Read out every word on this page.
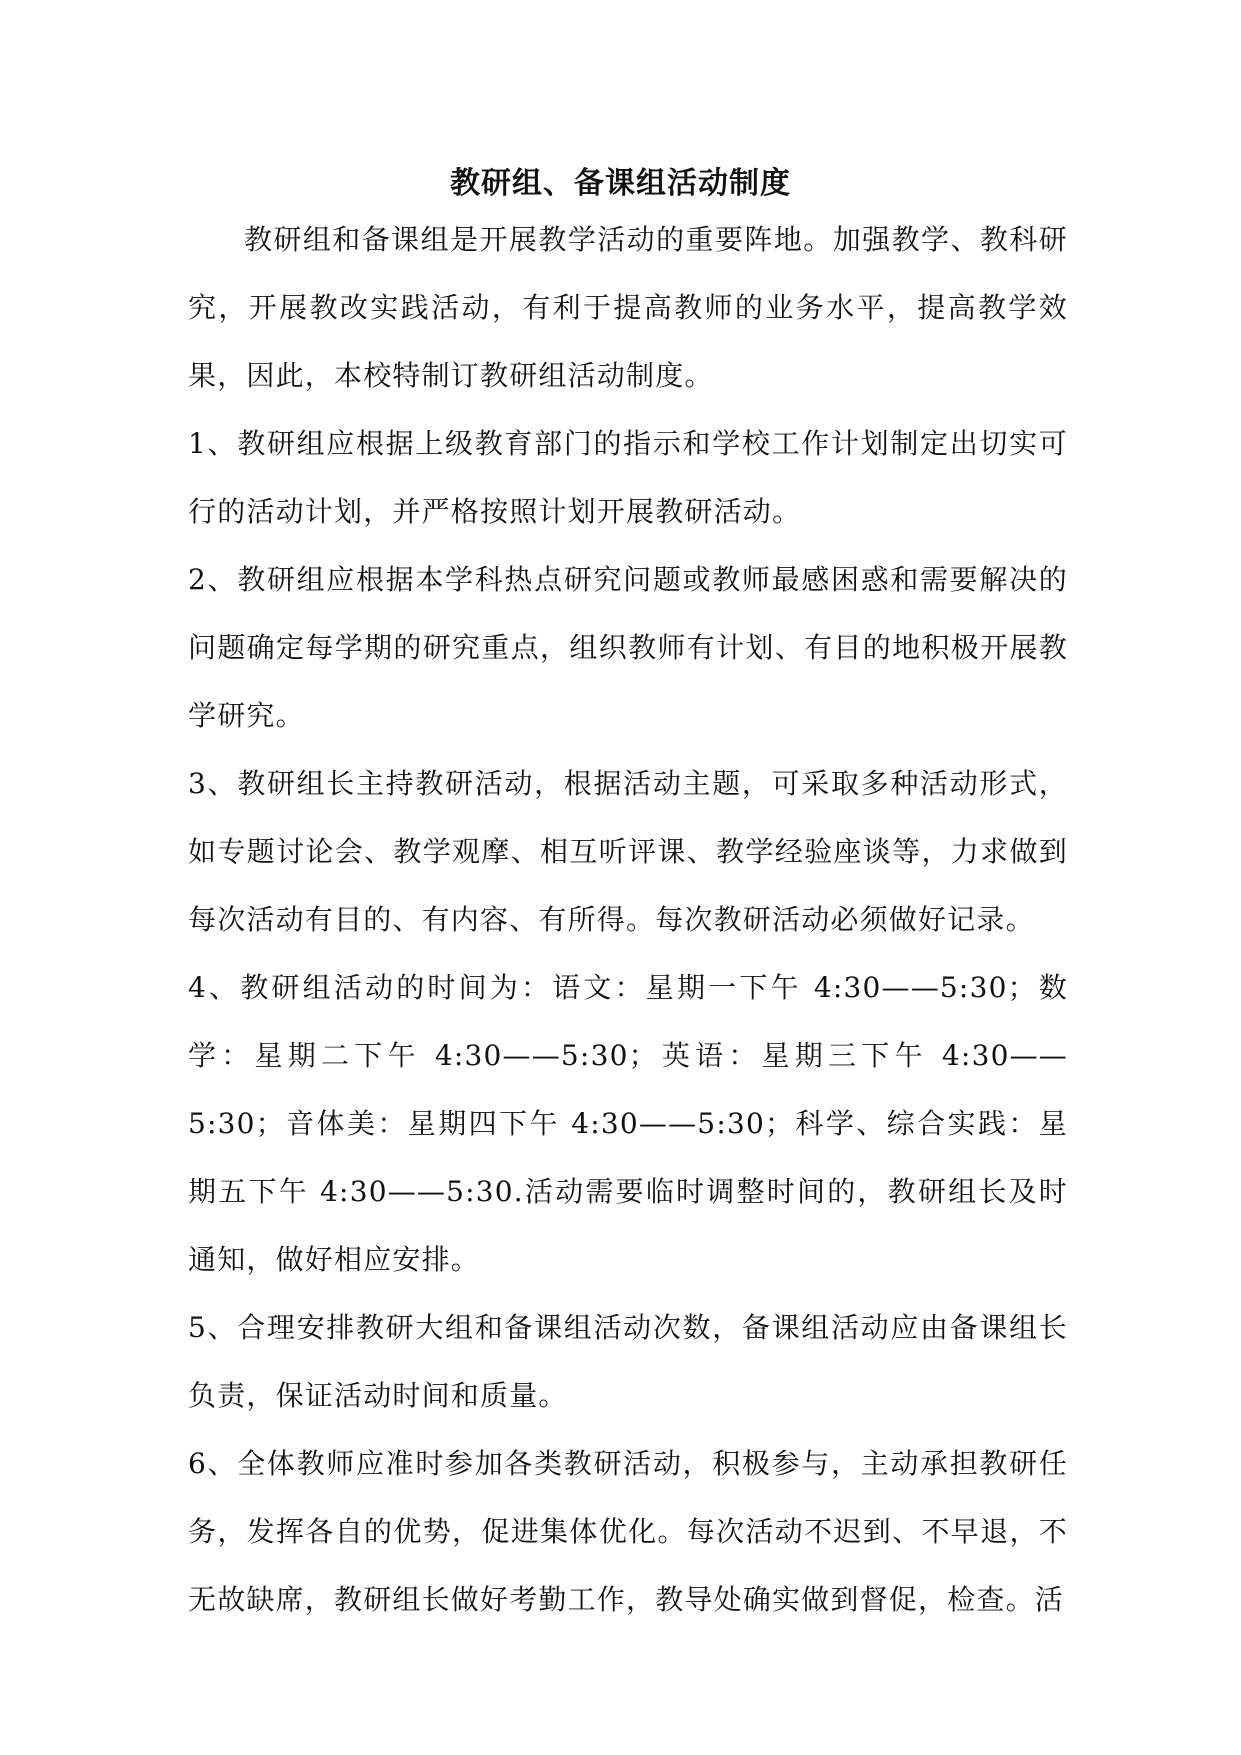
教研组、备课组活动制度

教研组和备课组是开展教学活动的重要阵地。加强教学、教科研究，开展教改实践活动，有利于提高教师的业务水平，提高教学效果，因此，本校特制订教研组活动制度。

1、教研组应根据上级教育部门的指示和学校工作计划制定出切实可行的活动计划，并严格按照计划开展教研活动。

2、教研组应根据本学科热点研究问题或教师最感困惑和需要解决的问题确定每学期的研究重点，组织教师有计划、有目的地积极开展教学研究。

3、教研组长主持教研活动，根据活动主题，可采取多种活动形式，如专题讨论会、教学观摩、相互听评课、教学经验座谈等，力求做到每次活动有目的、有内容、有所得。每次教研活动必须做好记录。

4、教研组活动的时间为：语文：星期一下午 4:30——5:30；数学：星期二下午 4:30——5:30；英语：星期三下午 4:30——5:30；音体美：星期四下午 4:30——5:30；科学、综合实践：星期五下午 4:30——5:30.活动需要临时调整时间的，教研组长及时通知，做好相应安排。

5、合理安排教研大组和备课组活动次数，备课组活动应由备课组长负责，保证活动时间和质量。

6、全体教师应准时参加各类教研活动，积极参与，主动承担教研任务，发挥各自的优势，促进集体优化。每次活动不迟到、不早退，不无故缺席，教研组长做好考勤工作，教导处确实做到督促，检查。活
